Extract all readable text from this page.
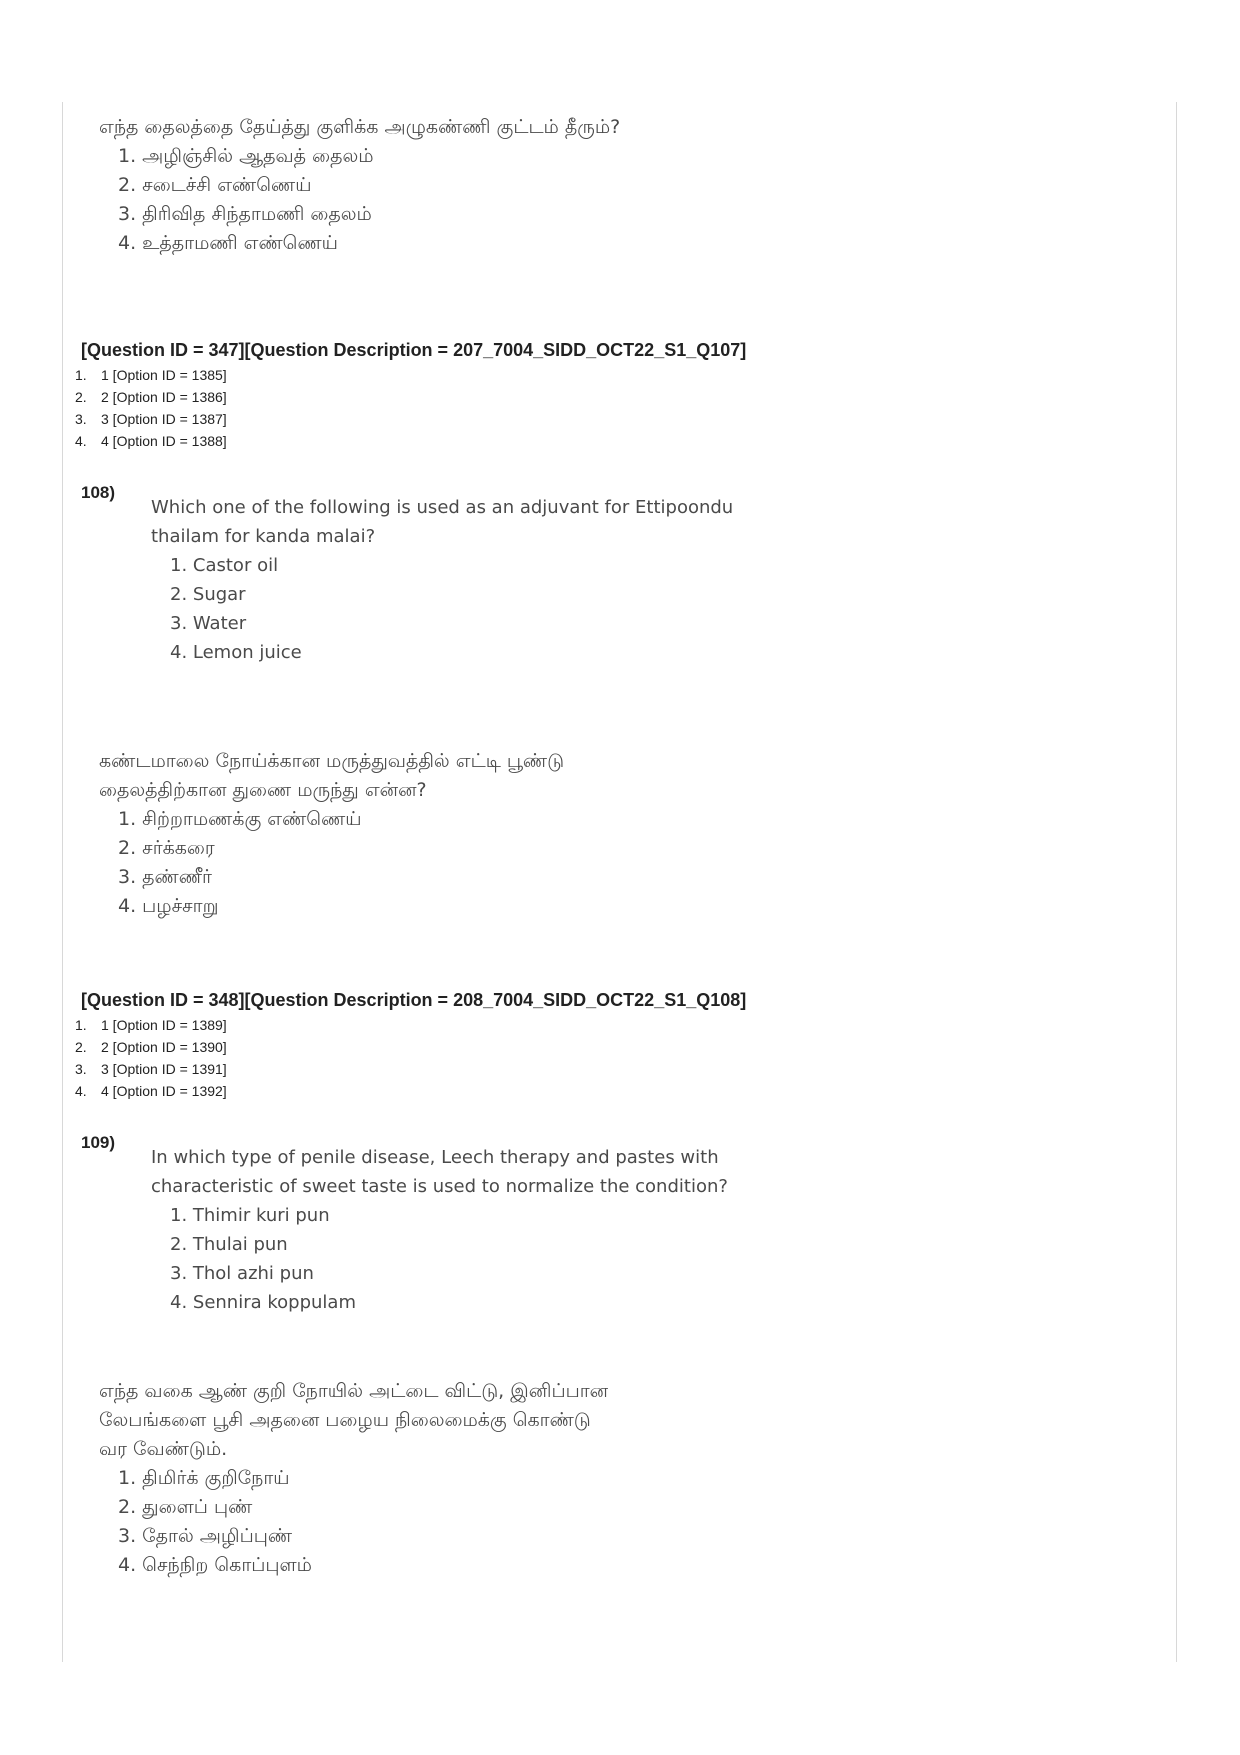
எந்த தைலத்தை தேய்த்து குளிக்க அழுகண்ணி குட்டம் தீரும்?
1. அழிஞ்சில் ஆதவத் தைலம்
2. சடைச்சி எண்ணெய்
3. திரிவித சிந்தாமணி தைலம்
4. உத்தாமணி எண்ணெய்
[Question ID = 347][Question Description = 207_7004_SIDD_OCT22_S1_Q107]
1. 1 [Option ID = 1385]
2. 2 [Option ID = 1386]
3. 3 [Option ID = 1387]
4. 4 [Option ID = 1388]
108)
Which one of the following is used as an adjuvant for Ettipoondu
thailam for kanda malai?
1. Castor oil
2. Sugar
3. Water
4. Lemon juice
கண்டமாலை நோய்க்கான மருத்துவத்தில் எட்டி பூண்டு
தைலத்திற்கான துணை மருந்து என்ன?
1. சிற்றாமணக்கு எண்ணெய்
2. சர்க்கரை
3. தண்ணீர்
4. பழச்சாறு
[Question ID = 348][Question Description = 208_7004_SIDD_OCT22_S1_Q108]
1. 1 [Option ID = 1389]
2. 2 [Option ID = 1390]
3. 3 [Option ID = 1391]
4. 4 [Option ID = 1392]
109)
In which type of penile disease, Leech therapy and pastes with
characteristic of sweet taste is used to normalize the condition?
1. Thimir kuri pun
2. Thulai pun
3. Thol azhi pun
4. Sennira koppulam
எந்த வகை ஆண் குறி நோயில் அட்டை விட்டு, இனிப்பான
லேபங்களை பூசி அதனை பழைய நிலைமைக்கு கொண்டு
வர வேண்டும்.
1. திமிர்க் குறிநோய்
2. துளைப் புண்
3. தோல் அழிப்புண்
4. செந்நிற கொப்புளம்
